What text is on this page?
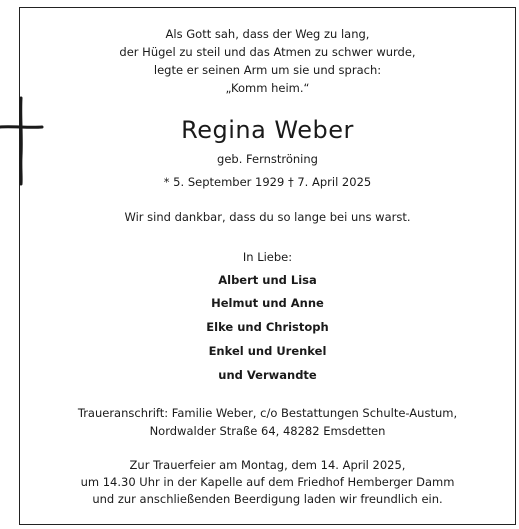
Als Gott sah, dass der Weg zu lang,
der Hügel zu steil und das Atmen zu schwer wurde,
legte er seinen Arm um sie und sprach:
„Komm heim.“
Regina Weber
geb. Fernströning
* 5. September 1929 † 7. April 2025
Wir sind dankbar, dass du so lange bei uns warst.
In Liebe:
Albert und Lisa
Helmut und Anne
Elke und Christoph
Enkel und Urenkel
und Verwandte
Traueranschrift: Familie Weber, c/o Bestattungen Schulte-Austum,
Nordwalder Straße 64, 48282 Emsdetten
Zur Trauerfeier am Montag, dem 14. April 2025,
um 14.30 Uhr in der Kapelle auf dem Friedhof Hemberger Damm
und zur anschließenden Beerdigung laden wir freundlich ein.
